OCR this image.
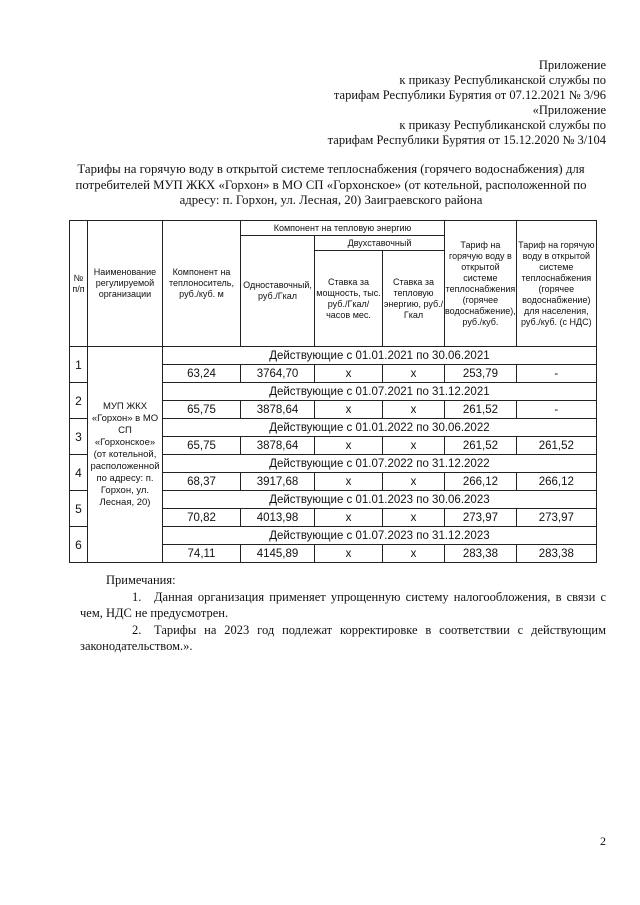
Приложение
к приказу Республиканской службы по
тарифам Республики Бурятия от 07.12.2021 № 3/96
«Приложение
к приказу Республиканской службы по
тарифам Республики Бурятия от 15.12.2020 № 3/104
Тарифы на горячую воду в открытой системе теплоснабжения (горячего водоснабжения) для потребителей МУП ЖКХ «Горхон» в МО СП «Горхонское» (от котельной, расположенной по адресу: п. Горхон, ул. Лесная, 20) Заиграевского района
№ п/п	Наименование регулируемой организации	Компонент на теплоноситель, руб./куб. м	Компонент на тепловую энергию			Тариф на горячую воду в открытой системе теплоснабжения (горячее водоснабжение), руб./куб.	Тариф на горячую воду в открытой системе теплоснабжения (горячее водоснабжение) для населения, руб./куб. (с НДС)
			Одноставочный, руб./Гкал	Двухставочный			
				Ставка за мощность, тыс. руб./Гкал/ часов мес.	Ставка за тепловую энергию, руб./Гкал		
1	МУП ЖКХ «Горхон» в МО СП «Горхонское» (от котельной, расположенной по адресу: п. Горхон, ул. Лесная, 20)	Действующие с 01.01.2021 по 30.06.2021					
		63,24	3764,70	х	х	253,79	-
2		Действующие с 01.07.2021 по 31.12.2021					
		65,75	3878,64	х	х	261,52	-
3		Действующие с 01.01.2022 по 30.06.2022					
		65,75	3878,64	х	х	261,52	261,52
4		Действующие с 01.07.2022 по 31.12.2022					
		68,37	3917,68	х	х	266,12	266,12
5		Действующие с 01.01.2023 по 30.06.2023					
		70,82	4013,98	х	х	273,97	273,97
6		Действующие с 01.07.2023 по 31.12.2023					
		74,11	4145,89	х	х	283,38	283,38

Примечания:

1. Данная организация применяет упрощенную систему налогообложения, в связи с чем, НДС не предусмотрен.

2. Тарифы на 2023 год подлежат корректировке в соответствии с действующим законодательством.».

2
